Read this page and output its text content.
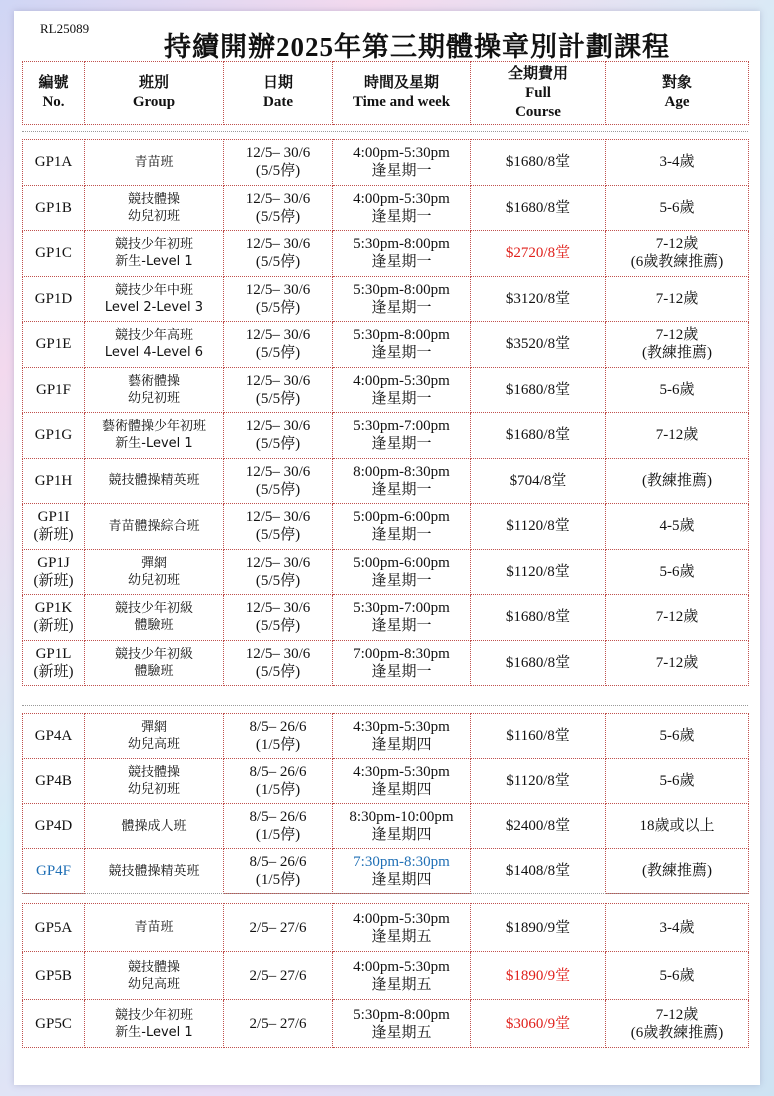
RL25089
持續開辦2025年第三期體操章別計劃課程
編號
No.	班別
Group	日期
Date	時間及星期
Time and week	全期費用
Full
Course	對象
Age
GP1A	青苗班	12/5– 30/6
(5/5停)	4:00pm-5:30pm
逢星期一	$1680/8堂	3-4歲
GP1B	競技體操
幼兒初班	12/5– 30/6
(5/5停)	4:00pm-5:30pm
逢星期一	$1680/8堂	5-6歲
GP1C	競技少年初班
新生-Level 1	12/5– 30/6
(5/5停)	5:30pm-8:00pm
逢星期一	$2720/8堂	7-12歲
(6歲教練推薦)
GP1D	競技少年中班
Level 2-Level 3	12/5– 30/6
(5/5停)	5:30pm-8:00pm
逢星期一	$3120/8堂	7-12歲
GP1E	競技少年高班
Level 4-Level 6	12/5– 30/6
(5/5停)	5:30pm-8:00pm
逢星期一	$3520/8堂	7-12歲
(教練推薦)
GP1F	藝術體操
幼兒初班	12/5– 30/6
(5/5停)	4:00pm-5:30pm
逢星期一	$1680/8堂	5-6歲
GP1G	藝術體操少年初班
新生-Level 1	12/5– 30/6
(5/5停)	5:30pm-7:00pm
逢星期一	$1680/8堂	7-12歲
GP1H	競技體操精英班	12/5– 30/6
(5/5停)	8:00pm-8:30pm
逢星期一	$704/8堂	(教練推薦)
GP1I
(新班)	青苗體操綜合班	12/5– 30/6
(5/5停)	5:00pm-6:00pm
逢星期一	$1120/8堂	4-5歲
GP1J
(新班)	彈網
幼兒初班	12/5– 30/6
(5/5停)	5:00pm-6:00pm
逢星期一	$1120/8堂	5-6歲
GP1K
(新班)	競技少年初級
體驗班	12/5– 30/6
(5/5停)	5:30pm-7:00pm
逢星期一	$1680/8堂	7-12歲
GP1L
(新班)	競技少年初級
體驗班	12/5– 30/6
(5/5停)	7:00pm-8:30pm
逢星期一	$1680/8堂	7-12歲
GP4A	彈網
幼兒高班	8/5– 26/6
(1/5停)	4:30pm-5:30pm
逢星期四	$1160/8堂	5-6歲
GP4B	競技體操
幼兒初班	8/5– 26/6
(1/5停)	4:30pm-5:30pm
逢星期四	$1120/8堂	5-6歲
GP4D	體操成人班	8/5– 26/6
(1/5停)	8:30pm-10:00pm
逢星期四	$2400/8堂	18歲或以上
GP4F	競技體操精英班	8/5– 26/6
(1/5停)	7:30pm-8:30pm
逢星期四	$1408/8堂	(教練推薦)
GP5A	青苗班	2/5– 27/6	4:00pm-5:30pm
逢星期五	$1890/9堂	3-4歲
GP5B	競技體操
幼兒高班	2/5– 27/6	4:00pm-5:30pm
逢星期五	$1890/9堂	5-6歲
GP5C	競技少年初班
新生-Level 1	2/5– 27/6	5:30pm-8:00pm
逢星期五	$3060/9堂	7-12歲
(6歲教練推薦)
